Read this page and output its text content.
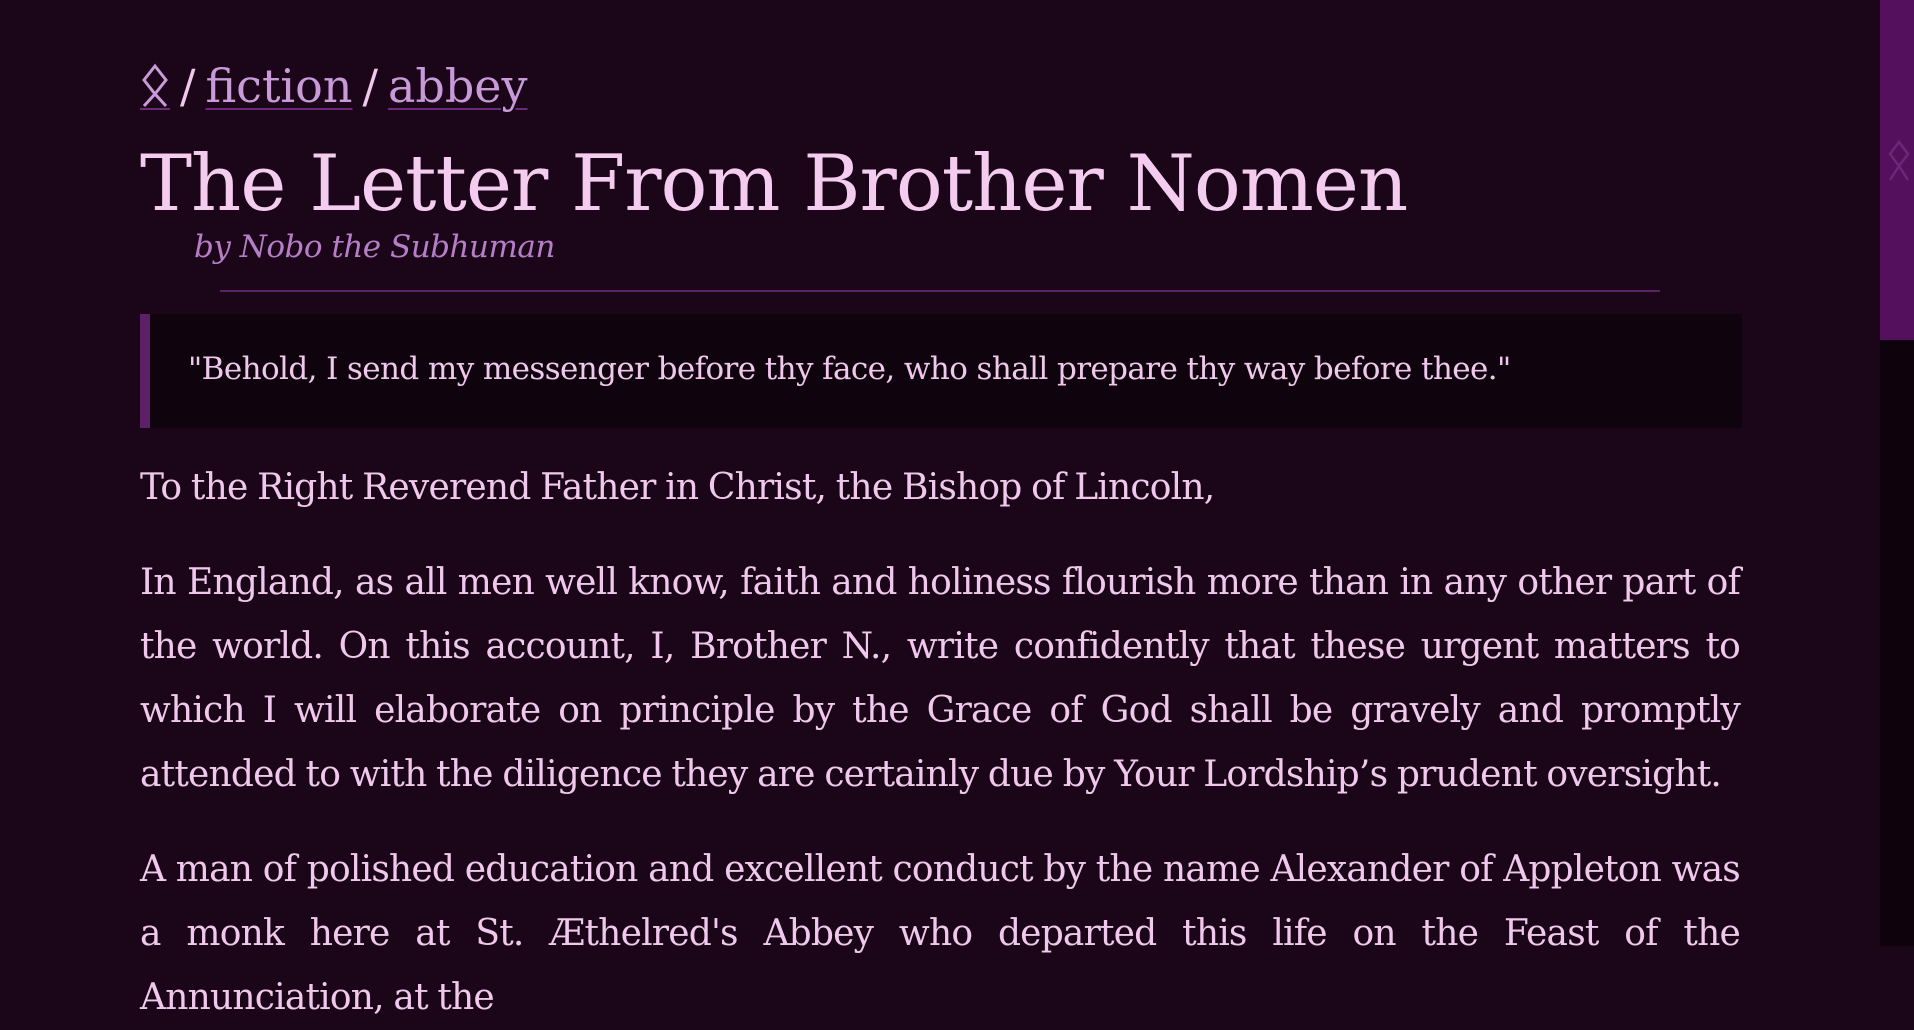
/ fiction / abbey
The Letter From Brother Nomen
by Nobo the Subhuman

"Behold, I send my messenger before thy face, who shall prepare thy way before thee."

To the Right Reverend Father in Christ, the Bishop of Lincoln,

In England, as all men well know, faith and holiness flourish more than in any other part of the world. On this account, I, Brother N., write confidently that these urgent matters to which I will elaborate on principle by the Grace of God shall be gravely and promptly attended to with the diligence they are certainly due by Your Lordship’s prudent oversight.

A man of polished education and excellent conduct by the name Alexander of Appleton was a monk here at St. Æthelred's Abbey who departed this life on the Feast of the Annunciation, at the
